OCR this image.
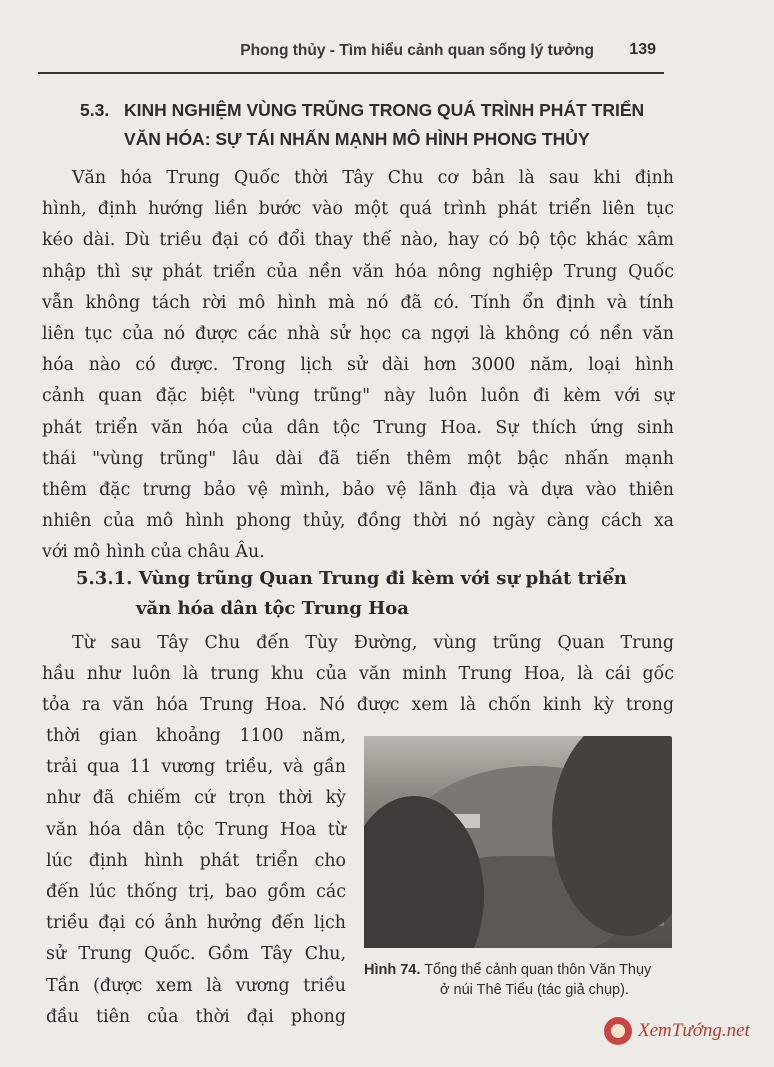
Phong thủy - Tìm hiểu cảnh quan sống lý tưởng 139
5.3. KINH NGHIỆM VÙNG TRŨNG TRONG QUÁ TRÌNH PHÁT TRIỂN
VĂN HÓA: SỰ TÁI NHẤN MẠNH MÔ HÌNH PHONG THỦY
Văn hóa Trung Quốc thời Tây Chu cơ bản là sau khi định
hình, định hướng liền bước vào một quá trình phát triển liên tục
kéo dài. Dù triều đại có đổi thay thế nào, hay có bộ tộc khác xâm
nhập thì sự phát triển của nền văn hóa nông nghiệp Trung Quốc
vẫn không tách rời mô hình mà nó đã có. Tính ổn định và tính
liên tục của nó được các nhà sử học ca ngợi là không có nền văn
hóa nào có được. Trong lịch sử dài hơn 3000 năm, loại hình
cảnh quan đặc biệt "vùng trũng" này luôn luôn đi kèm với sự
phát triển văn hóa của dân tộc Trung Hoa. Sự thích ứng sinh
thái "vùng trũng" lâu dài đã tiến thêm một bậc nhấn mạnh
thêm đặc trưng bảo vệ mình, bảo vệ lãnh địa và dựa vào thiên
nhiên của mô hình phong thủy, đồng thời nó ngày càng cách xa
với mô hình của châu Âu.
5.3.1. Vùng trũng Quan Trung đi kèm với sự phát triển
văn hóa dân tộc Trung Hoa
Từ sau Tây Chu đến Tùy Đường, vùng trũng Quan Trung
hầu như luôn là trung khu của văn minh Trung Hoa, là cái gốc
tỏa ra văn hóa Trung Hoa. Nó được xem là chốn kinh kỳ trong
thời gian khoảng 1100 năm,
trải qua 11 vương triều, và gần
như đã chiếm cứ trọn thời kỳ
văn hóa dân tộc Trung Hoa từ
lúc định hình phát triển cho
đến lúc thống trị, bao gồm các
triều đại có ảnh hưởng đến lịch
sử Trung Quốc. Gồm Tây Chu,
Tần (được xem là vương triều
đầu tiên của thời đại phong
Hình 74. Tổng thể cảnh quan thôn Văn Thụy
ở núi Thê Tiểu (tác giả chụp).
XemTướng.net
